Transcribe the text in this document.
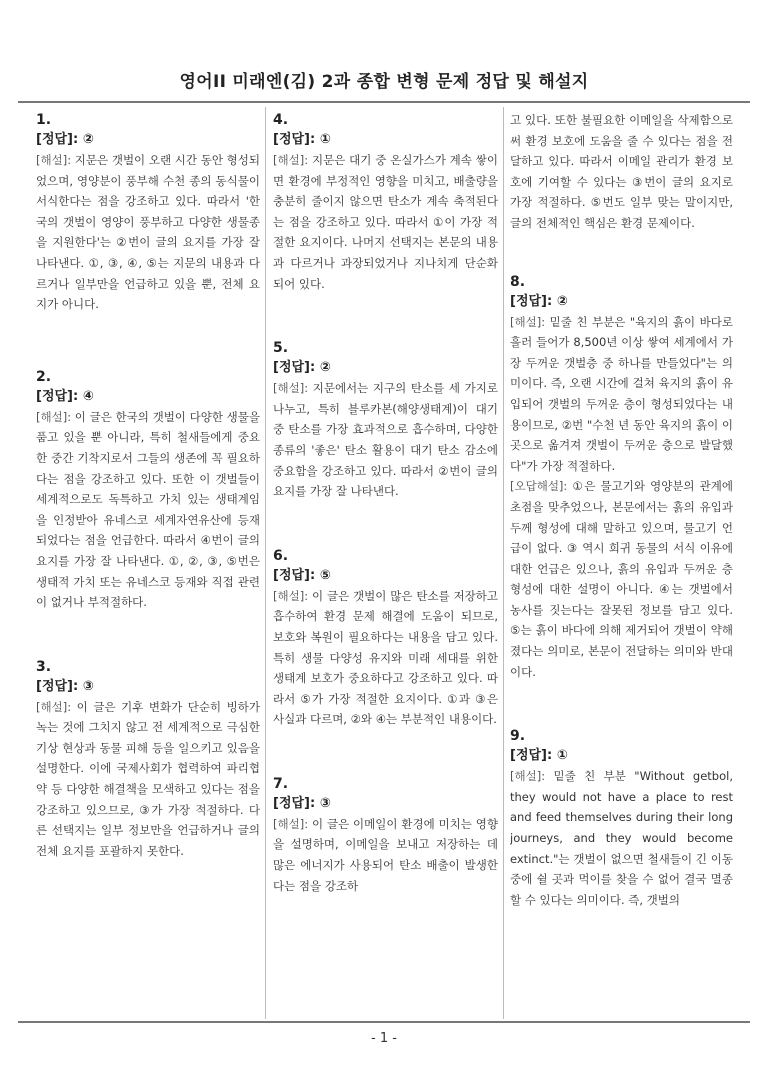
영어II 미래엔(김) 2과 종합 변형 문제 정답 및 해설지

1.

[정답]: ②

[해설]: 지문은 갯벌이 오랜 시간 동안 형성되었으며, 영양분이 풍부해 수천 종의 동식물이 서식한다는 점을 강조하고 있다. 따라서 '한국의 갯벌이 영양이 풍부하고 다양한 생물종을 지원한다'는 ②번이 글의 요지를 가장 잘 나타낸다. ①, ③, ④, ⑤는 지문의 내용과 다르거나 일부만을 언급하고 있을 뿐, 전체 요지가 아니다.

2.

[정답]: ④

[해설]: 이 글은 한국의 갯벌이 다양한 생물을 품고 있을 뿐 아니라, 특히 철새들에게 중요한 중간 기착지로서 그들의 생존에 꼭 필요하다는 점을 강조하고 있다. 또한 이 갯벌들이 세계적으로도 독특하고 가치 있는 생태계임을 인정받아 유네스코 세계자연유산에 등재되었다는 점을 언급한다. 따라서 ④번이 글의 요지를 가장 잘 나타낸다. ①, ②, ③, ⑤번은 생태적 가치 또는 유네스코 등재와 직접 관련이 없거나 부적절하다.

3.

[정답]: ③

[해설]: 이 글은 기후 변화가 단순히 빙하가 녹는 것에 그치지 않고 전 세계적으로 극심한 기상 현상과 동물 피해 등을 일으키고 있음을 설명한다. 이에 국제사회가 협력하여 파리협약 등 다양한 해결책을 모색하고 있다는 점을 강조하고 있으므로, ③가 가장 적절하다. 다른 선택지는 일부 정보만을 언급하거나 글의 전체 요지를 포괄하지 못한다.

4.

[정답]: ①

[해설]: 지문은 대기 중 온실가스가 계속 쌓이면 환경에 부정적인 영향을 미치고, 배출량을 충분히 줄이지 않으면 탄소가 계속 축적된다는 점을 강조하고 있다. 따라서 ①이 가장 적절한 요지이다. 나머지 선택지는 본문의 내용과 다르거나 과장되었거나 지나치게 단순화되어 있다.

5.

[정답]: ②

[해설]: 지문에서는 지구의 탄소를 세 가지로 나누고, 특히 블루카본(해양생태계)이 대기 중 탄소를 가장 효과적으로 흡수하며, 다양한 종류의 '좋은' 탄소 활용이 대기 탄소 감소에 중요함을 강조하고 있다. 따라서 ②번이 글의 요지를 가장 잘 나타낸다.

6.

[정답]: ⑤

[해설]: 이 글은 갯벌이 많은 탄소를 저장하고 흡수하여 환경 문제 해결에 도움이 되므로, 보호와 복원이 필요하다는 내용을 담고 있다. 특히 생물 다양성 유지와 미래 세대를 위한 생태계 보호가 중요하다고 강조하고 있다. 따라서 ⑤가 가장 적절한 요지이다. ①과 ③은 사실과 다르며, ②와 ④는 부분적인 내용이다.

7.

[정답]: ③

[해설]: 이 글은 이메일이 환경에 미치는 영향을 설명하며, 이메일을 보내고 저장하는 데 많은 에너지가 사용되어 탄소 배출이 발생한다는 점을 강조하

고 있다. 또한 불필요한 이메일을 삭제함으로써 환경 보호에 도움을 줄 수 있다는 점을 전달하고 있다. 따라서 이메일 관리가 환경 보호에 기여할 수 있다는 ③번이 글의 요지로 가장 적절하다. ⑤번도 일부 맞는 말이지만, 글의 전체적인 핵심은 환경 문제이다.

8.

[정답]: ②

[해설]: 밑줄 친 부분은 "육지의 흙이 바다로 흘러 들어가 8,500년 이상 쌓여 세계에서 가장 두꺼운 갯벌층 중 하나를 만들었다"는 의미이다. 즉, 오랜 시간에 걸쳐 육지의 흙이 유입되어 갯벌의 두꺼운 층이 형성되었다는 내용이므로, ②번 "수천 년 동안 육지의 흙이 이곳으로 옮겨져 갯벌이 두꺼운 층으로 발달했다"가 가장 적절하다.

[오답해설]: ①은 물고기와 영양분의 관계에 초점을 맞추었으나, 본문에서는 흙의 유입과 두께 형성에 대해 말하고 있으며, 물고기 언급이 없다. ③ 역시 희귀 동물의 서식 이유에 대한 언급은 있으나, 흙의 유입과 두꺼운 층 형성에 대한 설명이 아니다. ④는 갯벌에서 농사를 짓는다는 잘못된 정보를 담고 있다. ⑤는 흙이 바다에 의해 제거되어 갯벌이 약해졌다는 의미로, 본문이 전달하는 의미와 반대이다.

9.

[정답]: ①

[해설]: 밑줄 친 부분 "Without getbol, they would not have a place to rest and feed themselves during their long journeys, and they would become extinct."는 갯벌이 없으면 철새들이 긴 이동 중에 쉴 곳과 먹이를 찾을 수 없어 결국 멸종할 수 있다는 의미이다. 즉, 갯벌의

- 1 -
